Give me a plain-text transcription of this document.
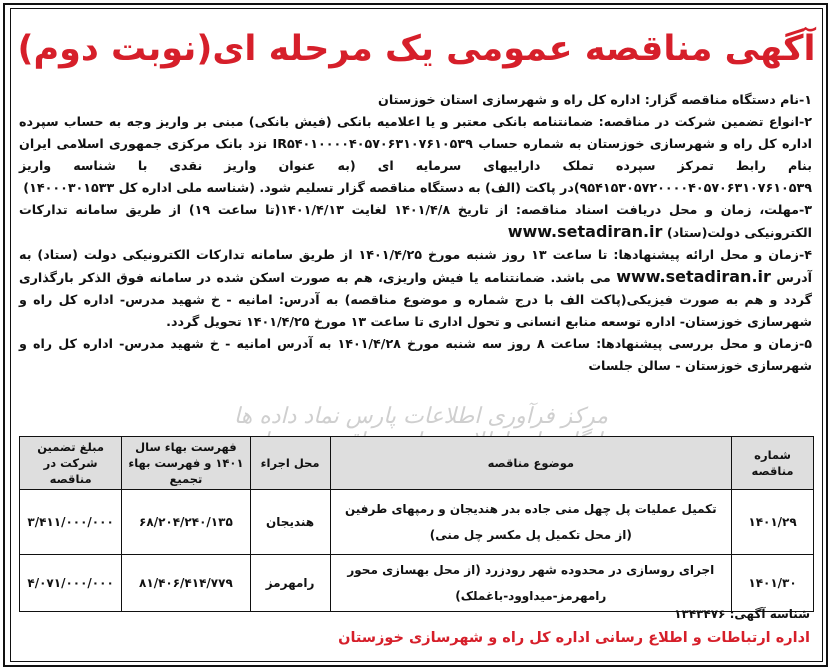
آگهی مناقصه عمومی یک مرحله ای(نوبت دوم)

۱-نام دستگاه مناقصه گزار: اداره کل راه و شهرسازی استان خوزستان

۲-انواع تضمین شرکت در مناقصه: ضمانتنامه بانکی معتبر و یا اعلامیه بانکی (فیش بانکی) مبنی بر واریز وجه به حساب سپرده اداره کل راه و شهرسازی خوزستان به شماره حساب IR۵۴۰۱۰۰۰۰۴۰۵۷۰۶۳۱۰۷۶۱۰۵۳۹ نزد بانک مرکزی جمهوری اسلامی ایران بنام رابط تمرکز سپرده تملک داراییهای سرمایه ای (به عنوان واریز نقدی با شناسه واریز ۹۵۴۱۵۳۰۵۷۲۰۰۰۰۴۰۵۷۰۶۳۱۰۷۶۱۰۵۳۹)در پاکت (الف) به دستگاه مناقصه گزار تسلیم شود. (شناسه ملی اداره کل ۱۴۰۰۰۳۰۱۵۳۳)

۳-مهلت، زمان و محل دریافت اسناد مناقصه: از تاریخ ۱۴۰۱/۴/۸ لغایت ۱۴۰۱/۴/۱۳(تا ساعت ۱۹) از طریق سامانه تدارکات الکترونیکی دولت(ستاد) www.setadiran.ir

۴-زمان و محل ارائه پیشنهادها: تا ساعت ۱۳ روز شنبه مورخ ۱۴۰۱/۴/۲۵ از طریق سامانه تدارکات الکترونیکی دولت (ستاد) به آدرس www.setadiran.ir می باشد. ضمانتنامه یا فیش واریزی، هم به صورت اسکن شده در سامانه فوق الذکر بارگذاری گردد و هم به صورت فیزیکی(پاکت الف با درج شماره و موضوع مناقصه) به آدرس: امانیه - خ شهید مدرس- اداره کل راه و شهرسازی خوزستان- اداره توسعه منابع انسانی و تحول اداری تا ساعت ۱۳ مورخ ۱۴۰۱/۴/۲۵ تحویل گردد.

۵-زمان و محل بررسی پیشنهادها: ساعت ۸ روز سه شنبه مورخ ۱۴۰۱/۴/۲۸ به آدرس امانیه - خ شهید مدرس- اداره کل راه و شهرسازی خوزستان - سالن جلسات

مرکز فرآوری اطلاعات پارس نماد داده ها
شماره مناقصه	موضوع مناقصه	محل اجراء	فهرست بهاء سال ۱۴۰۱ و فهرست بهاء تجمیع	مبلغ تضمین شرکت در مناقصه
۱۴۰۱/۲۹	تکمیل عملیات پل چهل منی جاده بدر هندیجان و رمپهای طرفین
(از محل تکمیل پل مکسر چل منی)	هندیجان	۶۸/۲۰۴/۲۴۰/۱۳۵	۳/۴۱۱/۰۰۰/۰۰۰
۱۴۰۱/۳۰	اجرای روسازی در محدوده شهر رودزرد (از محل بهسازی محور رامهرمز-میداوود-باغملک)	رامهرمز	۸۱/۴۰۶/۴۱۴/۷۷۹	۴/۰۷۱/۰۰۰/۰۰۰
شناسه آگهی: ۱۳۴۳۴۷۶
اداره ارتباطات و اطلاع رسانی اداره کل راه و شهرسازی خوزستان
